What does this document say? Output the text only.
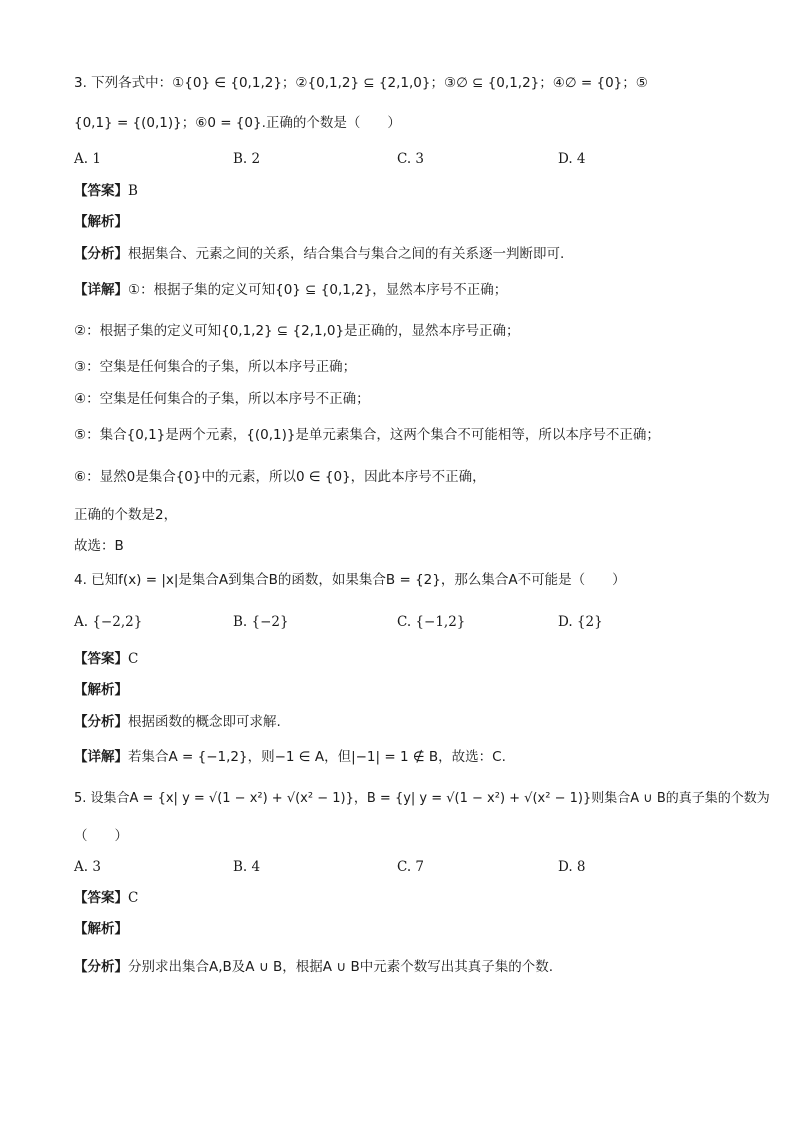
3. 下列各式中：①{0} ∈ {0,1,2}；②{0,1,2} ⊆ {2,1,0}；③∅ ⊆ {0,1,2}；④∅ = {0}；⑤
{0,1} = {(0,1)}；⑥0 = {0}.正确的个数是（　　）
A. 1	B. 2	C. 3	D. 4
【答案】B
【解析】
【分析】根据集合、元素之间的关系，结合集合与集合之间的有关系逐一判断即可.
【详解】①：根据子集的定义可知{0} ⊆ {0,1,2}，显然本序号不正确；
②：根据子集的定义可知{0,1,2} ⊆ {2,1,0}是正确的，显然本序号正确；
③：空集是任何集合的子集，所以本序号正确；
④：空集是任何集合的子集，所以本序号不正确；
⑤：集合{0,1}是两个元素，{(0,1)}是单元素集合，这两个集合不可能相等，所以本序号不正确；
⑥：显然0是集合{0}中的元素，所以0 ∈ {0}，因此本序号不正确，
正确的个数是2，
故选：B
4. 已知f(x) = |x|是集合A到集合B的函数，如果集合B = {2}，那么集合A不可能是（　　）
A. {−2,2}	B. {−2}	C. {−1,2}	D. {2}
【答案】C
【解析】
【分析】根据函数的概念即可求解.
【详解】若集合A = {−1,2}，则−1 ∈ A，但|−1| = 1 ∉ B，故选：C.
5. 设集合A = {x| y = √(1 − x²) + √(x² − 1)}，B = {y| y = √(1 − x²) + √(x² − 1)}则集合A ∪ B的真子集的个数为
（　　）
A. 3	B. 4	C. 7	D. 8
【答案】C
【解析】
【分析】分别求出集合A,B及A ∪ B，根据A ∪ B中元素个数写出其真子集的个数.
